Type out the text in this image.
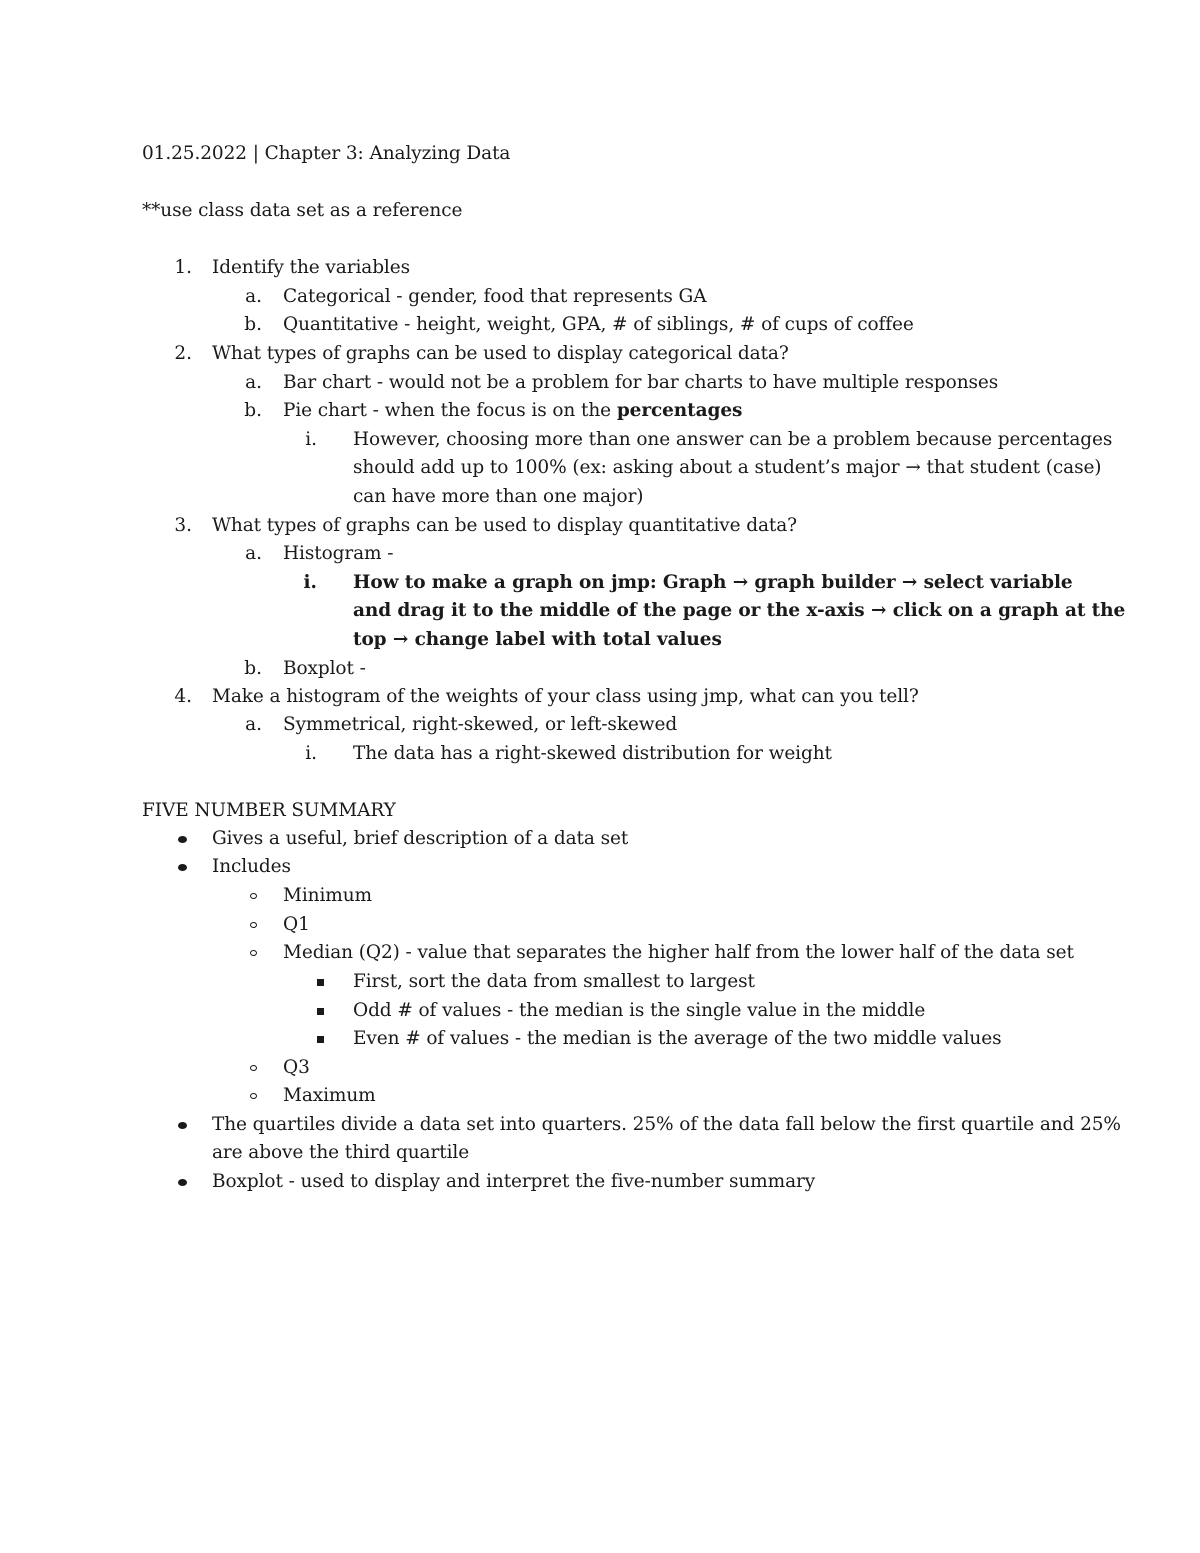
01.25.2022 | Chapter 3: Analyzing Data
**use class data set as a reference
1. Identify the variables
a. Categorical - gender, food that represents GA
b. Quantitative - height, weight, GPA, # of siblings, # of cups of coffee
2. What types of graphs can be used to display categorical data?
a. Bar chart - would not be a problem for bar charts to have multiple responses
b. Pie chart - when the focus is on the percentages
i. However, choosing more than one answer can be a problem because percentages
should add up to 100% (ex: asking about a student’s major → that student (case)
can have more than one major)
3. What types of graphs can be used to display quantitative data?
a. Histogram -
i. How to make a graph on jmp: Graph → graph builder → select variable
and drag it to the middle of the page or the x-axis → click on a graph at the
top → change label with total values
b. Boxplot -
4. Make a histogram of the weights of your class using jmp, what can you tell?
a. Symmetrical, right-skewed, or left-skewed
i. The data has a right-skewed distribution for weight
FIVE NUMBER SUMMARY
Gives a useful, brief description of a data set
Includes
Minimum
Q1
Median (Q2) - value that separates the higher half from the lower half of the data set
First, sort the data from smallest to largest
Odd # of values - the median is the single value in the middle
Even # of values - the median is the average of the two middle values
Q3
Maximum
The quartiles divide a data set into quarters. 25% of the data fall below the first quartile and 25%
are above the third quartile
Boxplot - used to display and interpret the five-number summary
